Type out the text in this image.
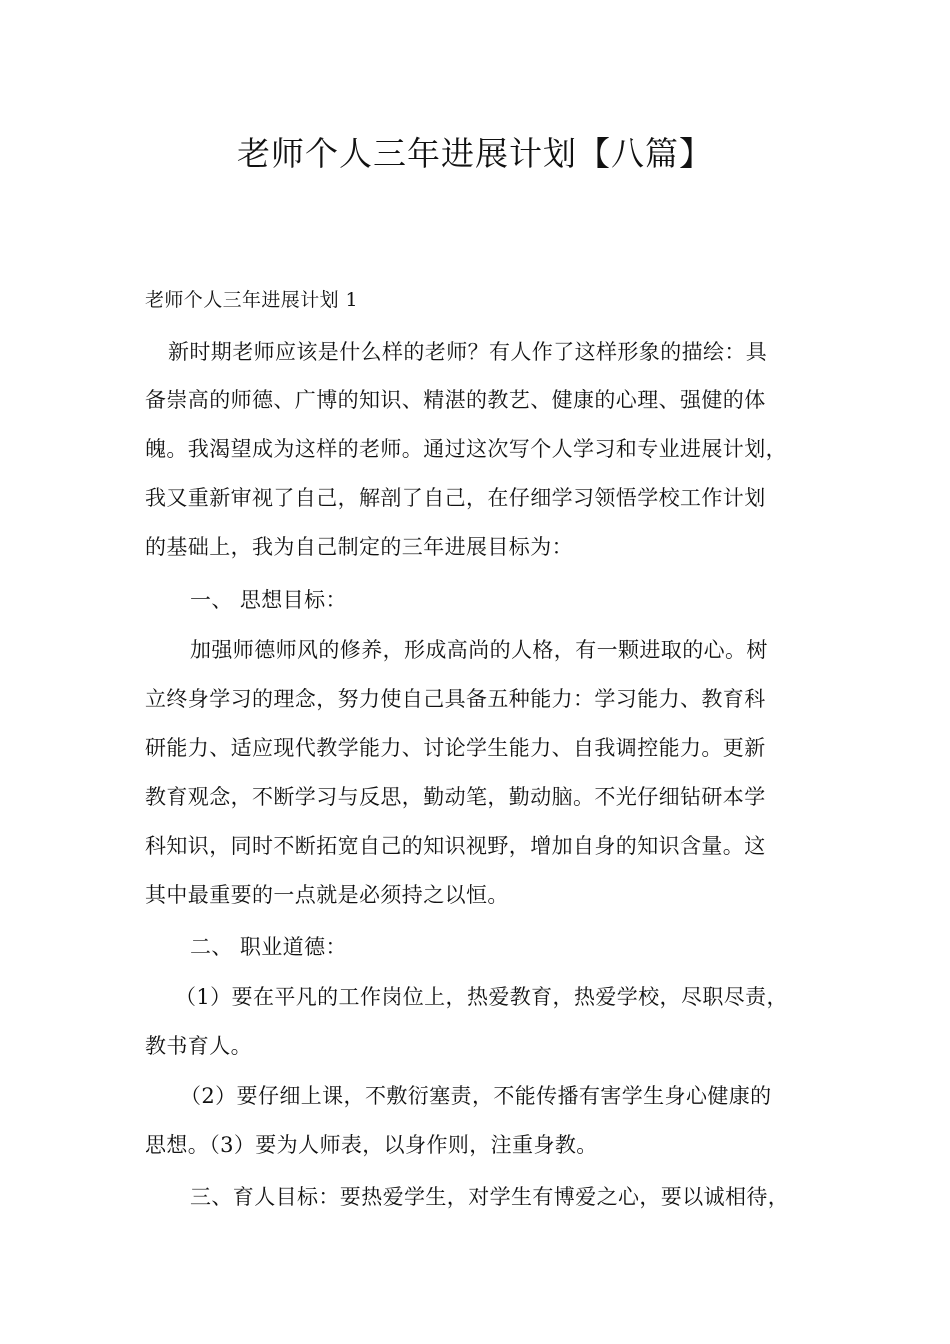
老师个人三年进展计划【八篇】
老师个人三年进展计划 1
新时期老师应该是什么样的老师？有人作了这样形象的描绘：具
备崇高的师德、广博的知识、精湛的教艺、健康的心理、强健的体
魄。我渴望成为这样的老师。通过这次写个人学习和专业进展计划，
我又重新审视了自己，解剖了自己，在仔细学习领悟学校工作计划
的基础上，我为自己制定的三年进展目标为：
一、 思想目标：
加强师德师风的修养，形成高尚的人格，有一颗进取的心。树
立终身学习的理念，努力使自己具备五种能力：学习能力、教育科
研能力、适应现代教学能力、讨论学生能力、自我调控能力。更新
教育观念，不断学习与反思，勤动笔，勤动脑。不光仔细钻研本学
科知识，同时不断拓宽自己的知识视野，增加自身的知识含量。这
其中最重要的一点就是必须持之以恒。
二、 职业道德：
（1）要在平凡的工作岗位上，热爱教育，热爱学校，尽职尽责，
教书育人。
（2）要仔细上课，不敷衍塞责，不能传播有害学生身心健康的
思想。（3）要为人师表，以身作则，注重身教。
三、育人目标：要热爱学生，对学生有博爱之心，要以诚相待，
